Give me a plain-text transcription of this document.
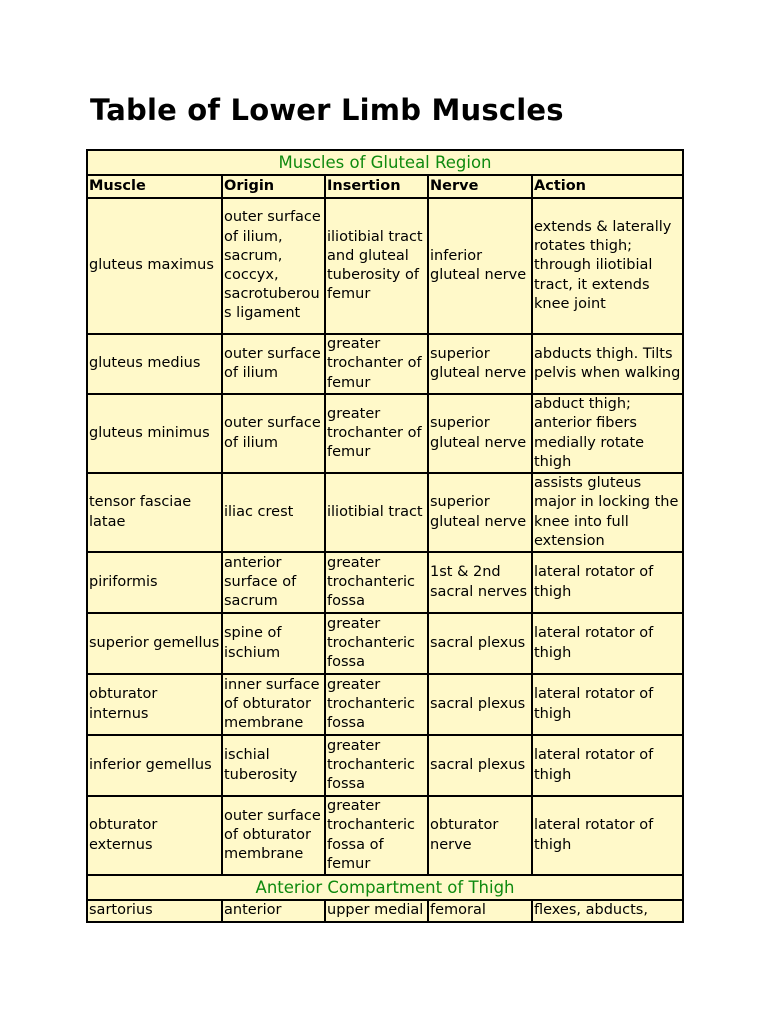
Table of Lower Limb Muscles
Muscles of Gluteal Region				
Muscle	Origin	Insertion	Nerve	Action
gluteus maximus	outer surface of ilium, sacrum, coccyx, sacrotuberous ligament	iliotibial tract and gluteal tuberosity of femur	inferior gluteal nerve	extends & laterally rotates thigh; through iliotibial tract, it extends knee joint
gluteus medius	outer surface of ilium	greater trochanter of femur	superior gluteal nerve	abducts thigh. Tilts pelvis when walking
gluteus minimus	outer surface of ilium	greater trochanter of femur	superior gluteal nerve	abduct thigh; anterior fibers medially rotate thigh
tensor fasciae latae	iliac crest	iliotibial tract	superior gluteal nerve	assists gluteus major in locking the knee into full extension
piriformis	anterior surface of sacrum	greater trochanteric fossa	1st & 2nd sacral nerves	lateral rotator of thigh
superior gemellus	spine of ischium	greater trochanteric fossa	sacral plexus	lateral rotator of thigh
obturator internus	inner surface of obturator membrane	greater trochanteric fossa	sacral plexus	lateral rotator of thigh
inferior gemellus	ischial tuberosity	greater trochanteric fossa	sacral plexus	lateral rotator of thigh
obturator externus	outer surface of obturator membrane	greater trochanteric fossa of femur	obturator nerve	lateral rotator of thigh
Anterior Compartment of Thigh				
sartorius	anterior	upper medial	femoral	flexes, abducts,
